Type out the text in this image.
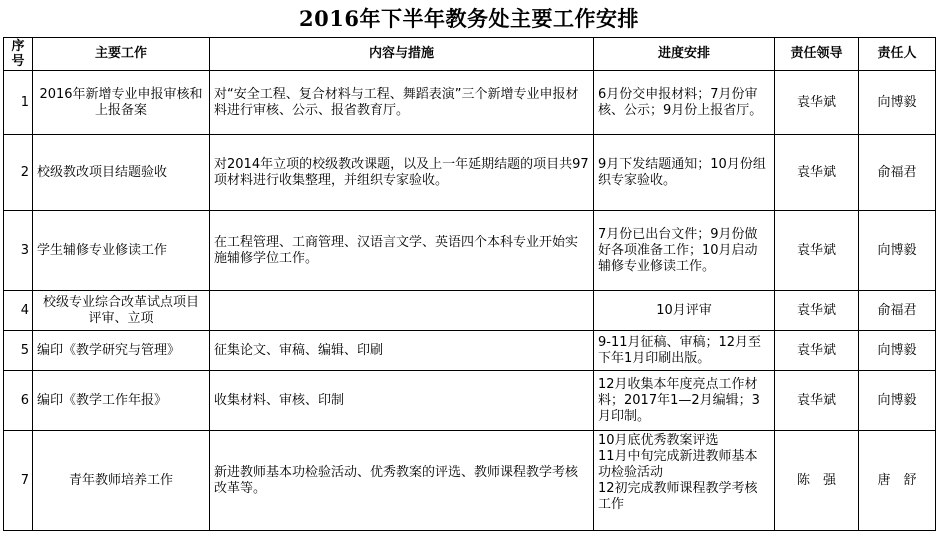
2016年下半年教务处主要工作安排
序号	主要工作	内容与措施	进度安排	责任领导	责任人
1	2016年新增专业申报审核和上报备案	对“安全工程、复合材料与工程、舞蹈表演”三个新增专业申报材料进行审核、公示、报省教育厅。	6月份交申报材料；7月份审核、公示；9月份上报省厅。	袁华斌	向博毅
2	校级教改项目结题验收	对2014年立项的校级教改课题，以及上一年延期结题的项目共97项材料进行收集整理，并组织专家验收。	9月下发结题通知；10月份组织专家验收。	袁华斌	俞福君
3	学生辅修专业修读工作	在工程管理、工商管理、汉语言文学、英语四个本科专业开始实施辅修学位工作。	7月份已出台文件；9月份做好各项准备工作；10月启动辅修专业修读工作。	袁华斌	向博毅
4	校级专业综合改革试点项目评审、立项		10月评审	袁华斌	俞福君
5	编印《教学研究与管理》	征集论文、审稿、编辑、印刷	9-11月征稿、审稿；12月至下年1月印刷出版。	袁华斌	向博毅
6	编印《教学工作年报》	收集材料、审核、印制	12月收集本年度亮点工作材料；2017年1—2月编辑；3月印制。	袁华斌	向博毅
7	青年教师培养工作	新进教师基本功检验活动、优秀教案的评选、教师课程教学考核改革等。	10月底优秀教案评选
11月中旬完成新进教师基本功检验活动
12初完成教师课程教学考核工作	陈　强	唐　舒
